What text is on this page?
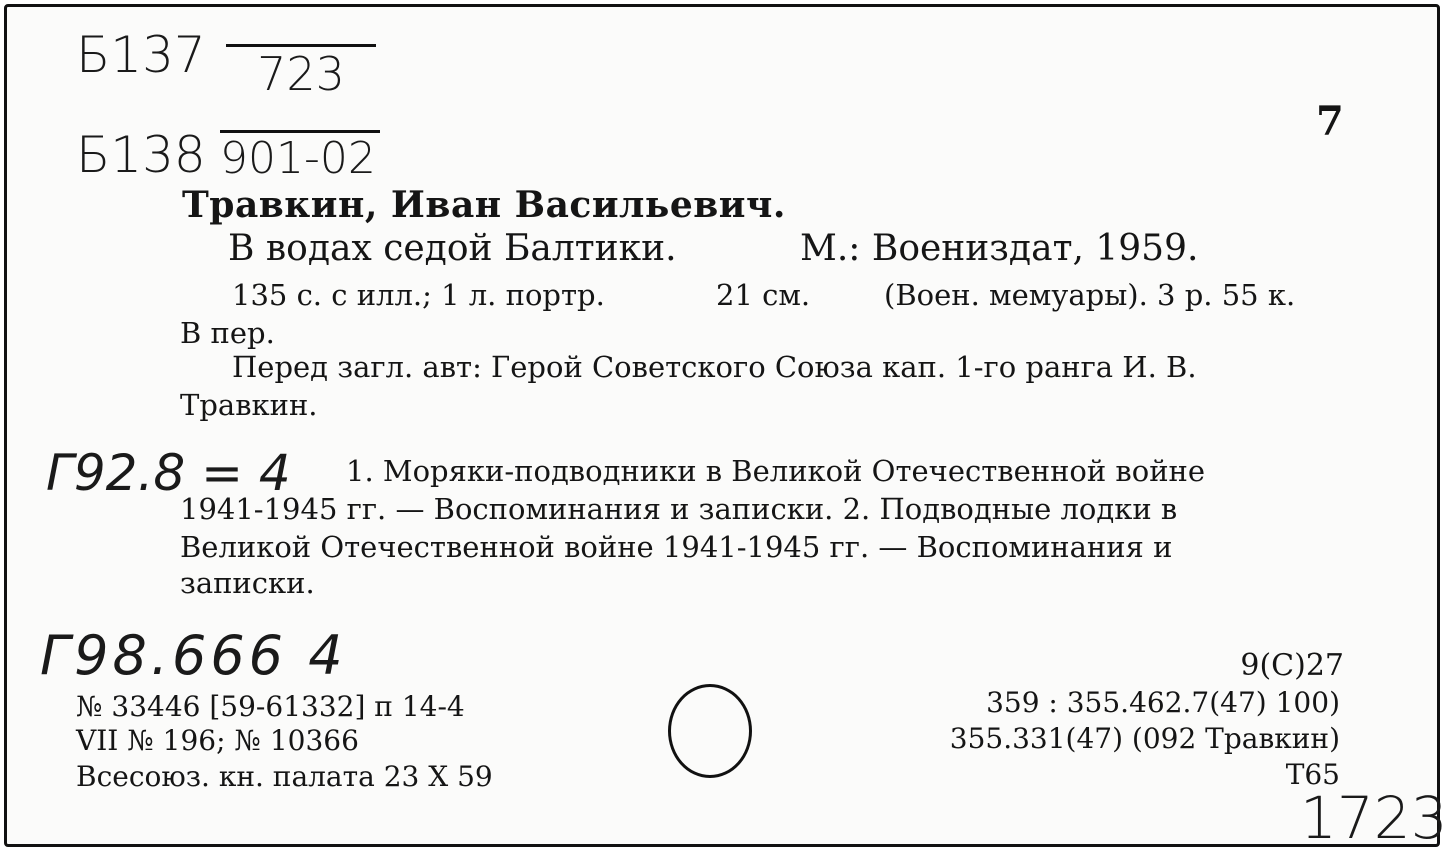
Б137	723
Б138 901-02
7
Травкин, Иван Васильевич.
В водах седой Балтики.	М.: Воениздат, 1959.
135 с. с илл.; 1 л. портр.	21 см.	(Воен. мемуары). 3 р. 55 к.
В пер.
Перед загл. авт: Герой Советского Союза кап. 1-го ранга И. В.
Травкин.
Г92.8 = 4 1. Моряки-подводники в Великой Отечественной войне
1941-1945 гг. — Воспоминания и записки. 2. Подводные лодки в
Великой Отечественной войне 1941-1945 гг. — Воспоминания и
записки.
Г98.666 4
№ 33446 [59-61332] п 14-4
VII № 196; № 10366
Всесоюз. кн. палата 23 X 59
9(С)27
359 : 355.462.7(47) 100)
355.331(47) (092 Травкин)
Т65
1723
